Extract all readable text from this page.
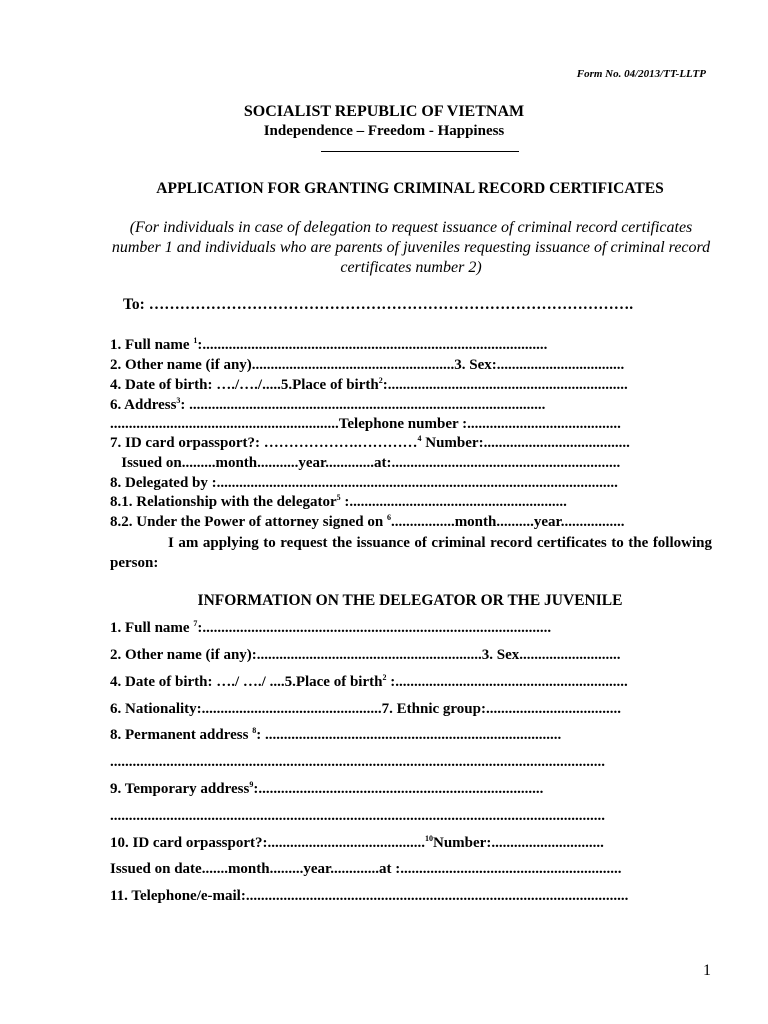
Form No. 04/2013/TT-LLTP
SOCIALIST REPUBLIC OF VIETNAM
Independence – Freedom - Happiness
APPLICATION FOR GRANTING CRIMINAL RECORD CERTIFICATES
(For individuals in case of delegation to request issuance of criminal record certificates number 1 and individuals who are parents of juveniles requesting issuance of criminal record certificates number 2)
To: ………………………………………………………………………………….
1. Full name $^1$:............................................................................................
2. Other name (if any)......................................................3. Sex:..................................
4. Date of birth: …./…./.....5.Place of birth$^2$:................................................................
6. Address$^3$: ...............................................................................................
.............................................................Telephone number :.........................................
7. ID card orpassport?: ……………….…………$^4$ Number:.......................................
Issued on.........month...........year.............at:.............................................................
8. Delegated by :...........................................................................................................
8.1. Relationship with the delegator$^5$ :..........................................................
8.2. Under the Power of attorney signed on $^6$.................month..........year.................
I am applying to request the issuance of criminal record certificates to the following person:
INFORMATION ON THE DELEGATOR OR THE JUVENILE
1. Full name $^7$:.............................................................................................
2. Other name (if any):............................................................3. Sex...........................
4. Date of birth: …./ …./ ....5.Place of birth$^2$ :..............................................................
6. Nationality:................................................7. Ethnic group:....................................
8. Permanent address $^8$: ...............................................................................
....................................................................................................................................
9. Temporary address$^9$:............................................................................
....................................................................................................................................
10. ID card orpassport?:..........................................$^{10}$Number:..............................
Issued on date.......month.........year.............at :...........................................................
11. Telephone/e-mail:......................................................................................................
1
